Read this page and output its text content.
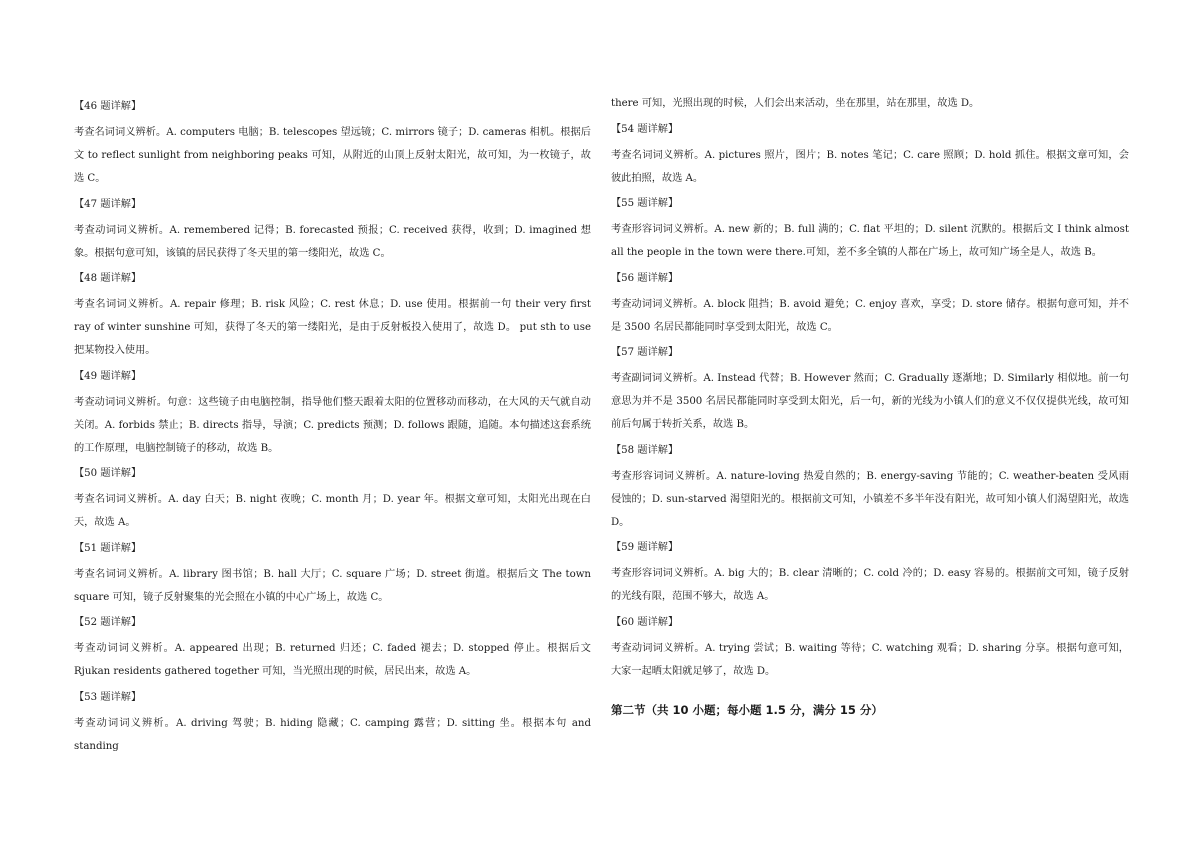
【46 题详解】
考查名词词义辨析。A. computers 电脑；B. telescopes 望远镜；C. mirrors 镜子；D. cameras 相机。根据后文 to reflect sunlight from neighboring peaks 可知，从附近的山顶上反射太阳光，故可知，为一枚镜子，故选 C。
【47 题详解】
考查动词词义辨析。A. remembered 记得；B. forecasted 预报；C. received 获得，收到；D. imagined 想象。根据句意可知，该镇的居民获得了冬天里的第一缕阳光，故选 C。
【48 题详解】
考查名词词义辨析。A. repair 修理；B. risk 风险；C. rest 休息；D. use 使用。根据前一句 their very first ray of winter sunshine 可知，获得了冬天的第一缕阳光，是由于反射板投入使用了，故选 D。 put sth to use 把某物投入使用。
【49 题详解】
考查动词词义辨析。句意：这些镜子由电脑控制，指导他们整天跟着太阳的位置移动而移动，在大风的天气就自动关闭。A. forbids 禁止；B. directs 指导，导演；C. predicts 预测；D. follows 跟随，追随。本句描述这套系统的工作原理，电脑控制镜子的移动，故选 B。
【50 题详解】
考查名词词义辨析。A. day 白天；B. night 夜晚；C. month 月；D. year 年。根据文章可知，太阳光出现在白天，故选 A。
【51 题详解】
考查名词词义辨析。A. library 图书馆；B. hall 大厅；C. square 广场；D. street 街道。根据后文 The town square 可知，镜子反射聚集的光会照在小镇的中心广场上，故选 C。
【52 题详解】
考查动词词义辨析。A. appeared 出现；B. returned 归还；C. faded 褪去；D. stopped 停止。根据后文 Rjukan residents gathered together 可知，当光照出现的时候，居民出来，故选 A。
【53 题详解】
考查动词词义辨析。A. driving 驾驶；B. hiding 隐藏；C. camping 露营；D. sitting 坐。根据本句 and standing
there 可知，光照出现的时候，人们会出来活动，坐在那里，站在那里，故选 D。
【54 题详解】
考查名词词义辨析。A. pictures 照片，图片；B. notes 笔记；C. care 照顾；D. hold 抓住。根据文章可知，会彼此拍照，故选 A。
【55 题详解】
考查形容词词义辨析。A. new 新的；B. full 满的；C. flat 平坦的；D. silent 沉默的。根据后文 I think almost all the people in the town were there.可知，差不多全镇的人都在广场上，故可知广场全是人，故选 B。
【56 题详解】
考查动词词义辨析。A. block 阻挡；B. avoid 避免；C. enjoy 喜欢，享受；D. store 储存。根据句意可知，并不是 3500 名居民都能同时享受到太阳光，故选 C。
【57 题详解】
考查副词词义辨析。A. Instead 代替；B. However 然而；C. Gradually 逐渐地；D. Similarly 相似地。前一句意思为并不是 3500 名居民都能同时享受到太阳光，后一句，新的光线为小镇人们的意义不仅仅提供光线，故可知前后句属于转折关系，故选 B。
【58 题详解】
考查形容词词义辨析。A. nature-loving 热爱自然的；B. energy-saving 节能的；C. weather-beaten 受风雨侵蚀的；D. sun-starved 渴望阳光的。根据前文可知，小镇差不多半年没有阳光，故可知小镇人们渴望阳光，故选 D。
【59 题详解】
考查形容词词义辨析。A. big 大的；B. clear 清晰的；C. cold 冷的；D. easy 容易的。根据前文可知，镜子反射的光线有限，范围不够大，故选 A。
【60 题详解】
考查动词词义辨析。A. trying 尝试；B. waiting 等待；C. watching 观看；D. sharing 分享。根据句意可知，大家一起晒太阳就足够了，故选 D。
第二节（共 10 小题；每小题 1.5 分，满分 15 分）
